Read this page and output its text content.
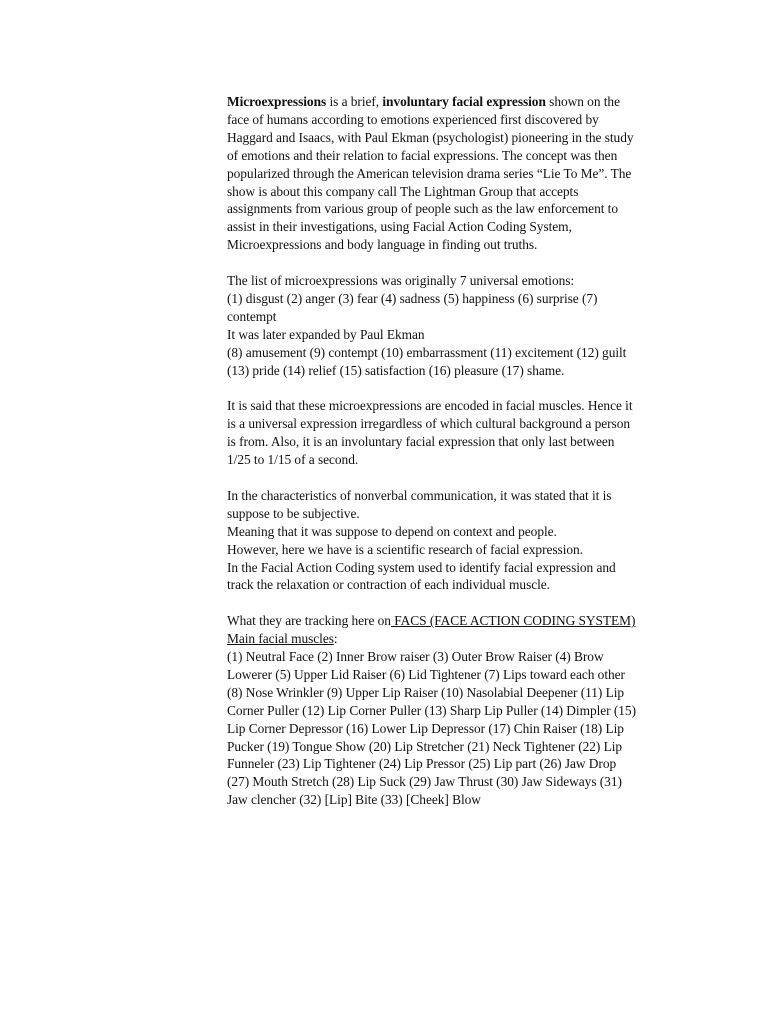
Microexpressions is a brief, involuntary facial expression shown on the face of humans according to emotions experienced first discovered by Haggard and Isaacs, with Paul Ekman (psychologist) pioneering in the study of emotions and their relation to facial expressions. The concept was then popularized through the American television drama series “Lie To Me”. The show is about this company call The Lightman Group that accepts assignments from various group of people such as the law enforcement to assist in their investigations, using Facial Action Coding System, Microexpressions and body language in finding out truths.

The list of microexpressions was originally 7 universal emotions:

(1) disgust (2) anger (3) fear (4) sadness (5) happiness (6) surprise (7) contempt

It was later expanded by Paul Ekman

(8) amusement (9) contempt (10) embarrassment (11) excitement (12) guilt (13) pride (14) relief (15) satisfaction (16) pleasure (17) shame.

It is said that these microexpressions are encoded in facial muscles. Hence it is a universal expression irregardless of which cultural background a person is from. Also, it is an involuntary facial expression that only last between 1/25 to 1/15 of a second.

In the characteristics of nonverbal communication, it was stated that it is suppose to be subjective.

Meaning that it was suppose to depend on context and people.

However, here we have is a scientific research of facial expression.

In the Facial Action Coding system used to identify facial expression and track the relaxation or contraction of each individual muscle.

What they are tracking here on FACS (FACE ACTION CODING SYSTEM)

Main facial muscles:

(1) Neutral Face (2) Inner Brow raiser (3) Outer Brow Raiser (4) Brow Lowerer (5) Upper Lid Raiser (6) Lid Tightener (7) Lips toward each other (8) Nose Wrinkler (9) Upper Lip Raiser (10) Nasolabial Deepener (11) Lip Corner Puller (12) Lip Corner Puller (13) Sharp Lip Puller (14) Dimpler (15) Lip Corner Depressor (16) Lower Lip Depressor (17) Chin Raiser (18) Lip Pucker (19) Tongue Show (20) Lip Stretcher (21) Neck Tightener (22) Lip Funneler (23) Lip Tightener (24) Lip Pressor (25) Lip part (26) Jaw Drop (27) Mouth Stretch (28) Lip Suck (29) Jaw Thrust (30) Jaw Sideways (31) Jaw clencher (32) [Lip] Bite (33) [Cheek] Blow
